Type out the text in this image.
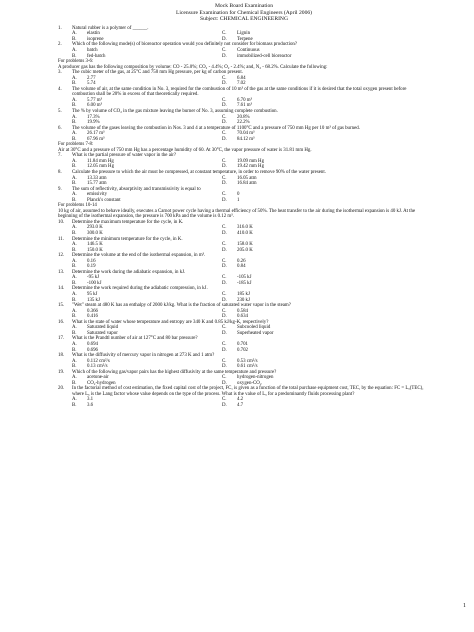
Mock Board Examination
Licensure Examination for Chemical Engineers (April 2006)
Subject: CHEMICAL ENGINEERING
1.	Natural rubber is a polymer of ______.
A.	elastin	C.	Lignin
B.	isoprene	D.	Terpene
2.	Which of the following mode(s) of bioreactor operation would you definitely not consider for biomass production?
A.	batch	C.	Continuous
B.	fed-batch	D.	immobilized-cell bioreactor
For problems 3-6:
A producer gas has the following composition by volume: CO - 25.0%; CO₂ - 4.4%; O₂ - 2.4%; and, N₂ - 68.2%. Calculate the following:
3.	The cubic meter of the gas, at 25°C and 750 mm Hg pressure, per kg of carbon present.
A.	2.77	C.	6.84
B.	5.74	D.	7.02
4.	The volume of air, at the same condition in No. 3, required for the combustion of 10 m³ of the gas at the same conditions if it is desired that the total oxygen present before combustion shall be 20% in excess of that theoretically required.
A.	5.77 m³	C.	6.70 m³
B.	6.00 m³	D.	7.61 m³
5.	The % by volume of CO₂ in the gas mixture leaving the burner of No. 3, assuming complete combustion.
A.	17.3%	C.	20.8%
B.	19.9%	D.	22.2%
6.	The volume of the gases leaving the combustion in Nos. 3 and 4 at a temperature of 1100°C and a pressure of 750 mm Hg per 10 m³ of gas burned.
A.	26.17 m³	C.	70.04 m³
B.	67.96 m³	D.	84.12 m³
For problems 7-8:
Air at 30°C and a pressure of 750 mm Hg has a percentage humidity of 60. At 30°C, the vapor pressure of water is 31.81 mm Hg.
7.	What is the partial pressure of water vapor in the air?
A.	11.84 mm Hg	C.	19.09 mm Hg
B.	12.05 mm Hg	D.	19.42 mm Hg
8.	Calculate the pressure to which the air must be compressed, at constant temperature, in order to remove 90% of the water present.
A.	13.33 atm	C.	16.05 atm
B.	15.77 atm	D.	16.84 atm
9.	The sum of reflectivity, absorptivity and transmissivity is equal to
A.	emissivity	C.	0
B.	Planck's constant	D.	1
For problems 10-14
10 kg of air, assumed to behave ideally, executes a Carnot power cycle having a thermal efficiency of 50%. The heat transfer to the air during the isothermal expansion is 40 kJ. At the beginning of the isothermal expansion, the pressure is 700 kPa and the volume is 0.12 m³.
10.	Determine the maximum temperature for the cycle, in K.
A.	293.0 K	C.	316.0 K
B.	300.0 K	D.	410.0 K
11.	Determine the minimum temperature for the cycle, in K.
A.	146.5 K	C.	158.0 K
B.	150.0 K	D.	205.0 K
12.	Determine the volume at the end of the isothermal expansion, in m³.
A.	0.16	C.	0.26
B.	0.19	D.	0.84
13.	Determine the work during the adiabatic expansion, in kJ.
A.	-95 kJ	C.	-105 kJ
B.	-100 kJ	D.	-185 kJ
14.	Determine the work required during the adiabatic compression, in kJ.
A.	95 kJ	C.	185 kJ
B.	135 kJ	D.	230 kJ
15.	"Wet" steam at 480 K has an enthalpy of 2000 kJ/kg. What is the fraction of saturated water vapor in the steam?
A.	0.366	C.	0.584
B.	0.416	D.	0.634
16.	What is the state of water whose temperature and entropy are 340 K and 0.85 kJ/kg-K, respectively?
A.	Saturated liquid	C.	Subcooled liquid
B.	Saturated vapor	D.	Superheated vapor
17.	What is the Prandtl number of air at 127°C and 80 bar pressure?
A.	0.694	C.	0.701
B.	0.696	D.	0.702
18.	What is the diffusivity of mercury vapor in nitrogen at 273 K and 1 atm?
A.	0.112 cm²/s	C.	0.53 cm²/s
B.	0.13 cm²/s	D.	0.61 cm²/s
19.	Which of the following gas/vapor pairs has the highest diffusivity at the same temperature and pressure?
A.	acetone-air	C.	hydrogen-nitrogen
B.	CO₂-hydrogen	D.	oxygen-CO₂
20.	In the factorial method of cost estimation, the fixed capital cost of the project, FC, is given as a function of the total purchase equipment cost, TEC, by the equation: FC = Lₓ(TEC), where Lₓ is the Lang factor whose value depends on the type of the process. What is the value of Lₓ for a predominantly fluids processing plant?
A.	3.1	C.	4.2
B.	3.6	D.	4.7
1
